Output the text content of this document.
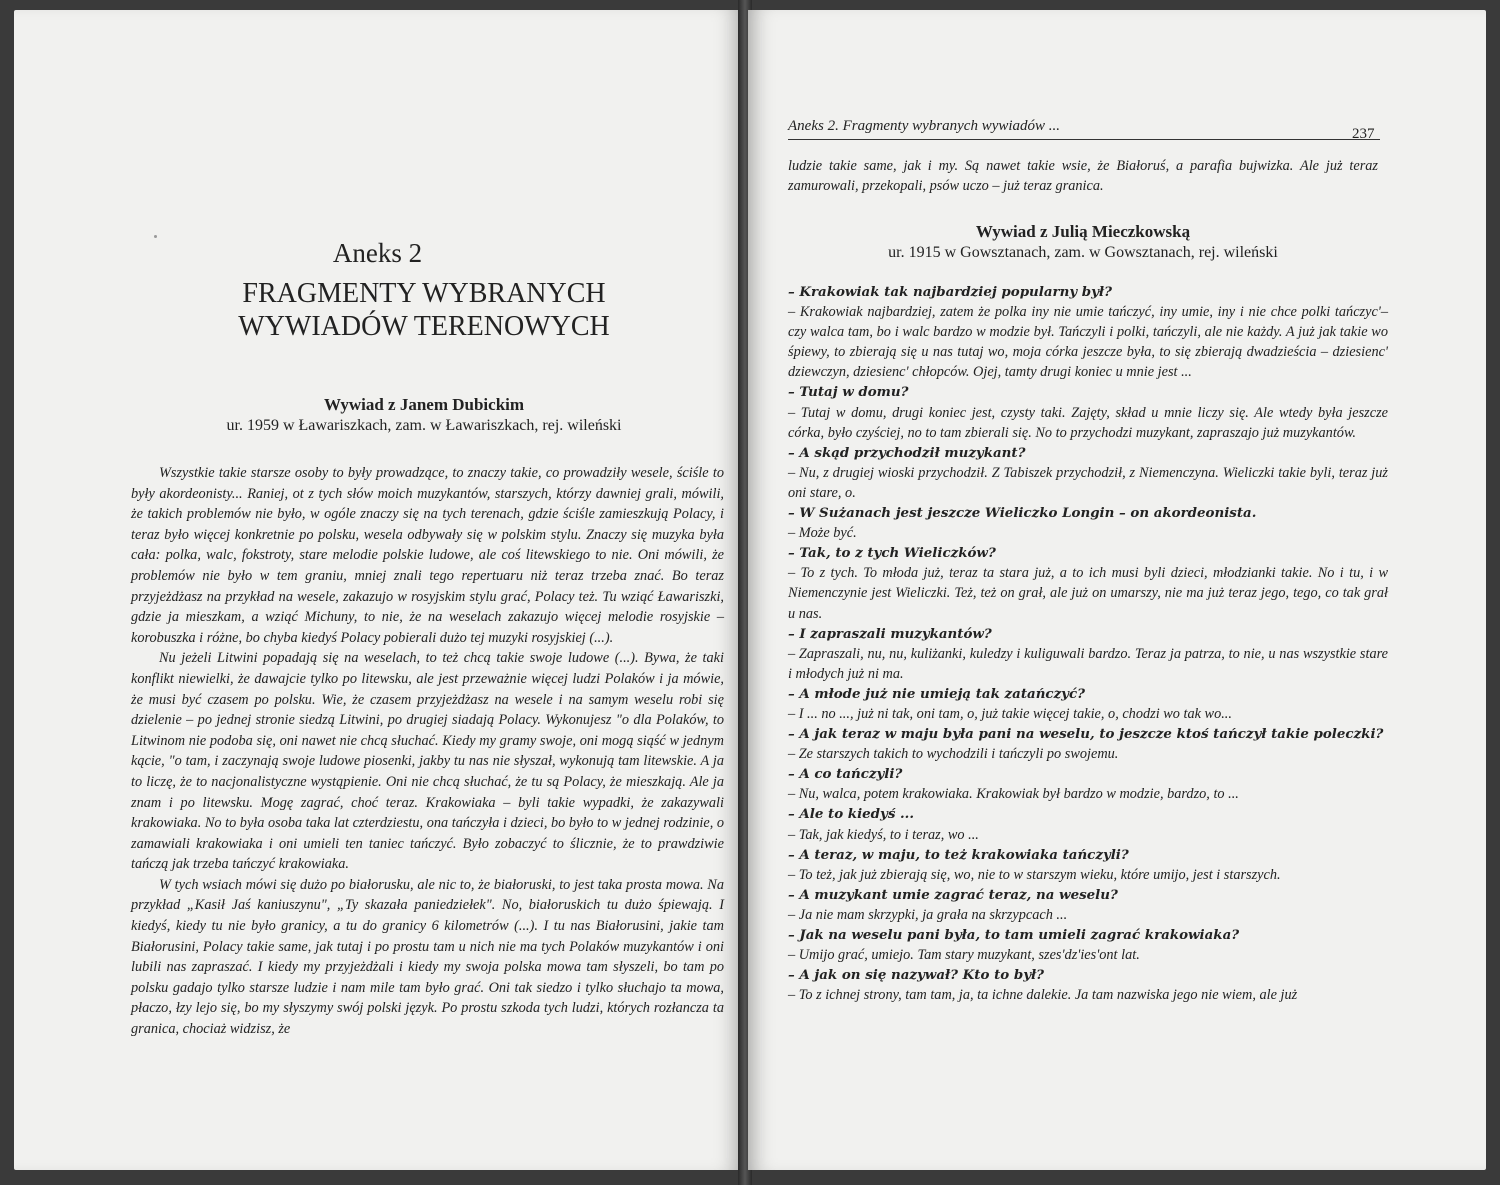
Aneks 2
FRAGMENTY WYBRANYCH
WYWIADÓW TERENOWYCH
Wywiad z Janem Dubickim
ur. 1959 w Ławariszkach, zam. w Ławariszkach, rej. wileński

Wszystkie takie starsze osoby to były prowadzące, to znaczy takie, co prowadziły wesele, ściśle to były akordeonisty... Raniej, ot z tych słów moich muzykantów, starszych, którzy dawniej grali, mówili, że takich problemów nie było, w ogóle znaczy się na tych terenach, gdzie ściśle zamieszkują Polacy, i teraz było więcej konkretnie po polsku, wesela odbywały się w polskim stylu. Znaczy się muzyka była cała: polka, walc, fokstroty, stare melodie polskie ludowe, ale coś litewskiego to nie. Oni mówili, że problemów nie było w tem graniu, mniej znali tego repertuaru niż teraz trzeba znać. Bo teraz przyjeżdżasz na przykład na wesele, zakazujo w rosyjskim stylu grać, Polacy też. Tu wziąć Ławariszki, gdzie ja mieszkam, a wziąć Michuny, to nie, że na weselach zakazujo więcej melodie rosyjskie – korobuszka i różne, bo chyba kiedyś Polacy pobierali dużo tej muzyki rosyjskiej (...).

Nu jeżeli Litwini popadają się na weselach, to też chcą takie swoje ludowe (...). Bywa, że taki konflikt niewielki, że dawajcie tylko po litewsku, ale jest przeważnie więcej ludzi Polaków i ja mówie, że musi być czasem po polsku. Wie, że czasem przyjeżdżasz na wesele i na samym weselu robi się dzielenie – po jednej stronie siedzą Litwini, po drugiej siadają Polacy. Wykonujesz "o dla Polaków, to Litwinom nie podoba się, oni nawet nie chcą słuchać. Kiedy my gramy swoje, oni mogą siąść w jednym kącie, "o tam, i zaczynają swoje ludowe piosenki, jakby tu nas nie słyszał, wykonują tam litewskie. A ja to liczę, że to nacjonalistyczne wystąpienie. Oni nie chcą słuchać, że tu są Polacy, że mieszkają. Ale ja znam i po litewsku. Mogę zagrać, choć teraz. Krakowiaka – byli takie wypadki, że zakazywali krakowiaka. No to była osoba taka lat czterdziestu, ona tańczyła i dzieci, bo było to w jednej rodzinie, o zamawiali krakowiaka i oni umieli ten taniec tańczyć. Było zobaczyć to ślicznie, że to prawdziwie tańczą jak trzeba tańczyć krakowiaka.

W tych wsiach mówi się dużo po białorusku, ale nic to, że białoruski, to jest taka prosta mowa. Na przykład „Kasił Jaś kaniuszynu", „Ty skazała paniedziełek". No, białoruskich tu dużo śpiewają. I kiedyś, kiedy tu nie było granicy, a tu do granicy 6 kilometrów (...). I tu nas Białorusini, jakie tam Białorusini, Polacy takie same, jak tutaj i po prostu tam u nich nie ma tych Polaków muzykantów i oni lubili nas zapraszać. I kiedy my przyjeżdżali i kiedy my swoja polska mowa tam słyszeli, bo tam po polsku gadajo tylko starsze ludzie i nam mile tam było grać. Oni tak siedzo i tylko słuchajo ta mowa, płaczo, łzy lejo się, bo my słyszymy swój polski język. Po prostu szkoda tych ludzi, których rozłancza ta granica, chociaż widzisz, że

Aneks 2. Fragmenty wybranych wywiadów ...	237

ludzie takie same, jak i my. Są nawet takie wsie, że Białoruś, a parafia bujwizka. Ale już teraz zamurowali, przekopali, psów uczo – już teraz granica.

Wywiad z Julią Mieczkowską
ur. 1915 w Gowsztanach, zam. w Gowsztanach, rej. wileński
– Krakowiak tak najbardziej popularny był?
– Krakowiak najbardziej, zatem że polka iny nie umie tańczyć, iny umie, iny i nie chce polki tańczyc'– czy walca tam, bo i walc bardzo w modzie był. Tańczyli i polki, tańczyli, ale nie każdy. A już jak takie wo śpiewy, to zbierają się u nas tutaj wo, moja córka jeszcze była, to się zbierają dwadzieścia – dziesienc' dziewczyn, dziesienc' chłopców. Ojej, tamty drugi koniec u mnie jest ...
– Tutaj w domu?
– Tutaj w domu, drugi koniec jest, czysty taki. Zajęty, skład u mnie liczy się. Ale wtedy była jeszcze córka, było czyściej, no to tam zbierali się. No to przychodzi muzykant, zapraszajo już muzykantów.
– A skąd przychodził muzykant?
– Nu, z drugiej wioski przychodził. Z Tabiszek przychodził, z Niemenczyna. Wieliczki takie byli, teraz już oni stare, o.
– W Sużanach jest jeszcze Wieliczko Longin – on akordeonista.
– Może być.
– Tak, to z tych Wieliczków?
– To z tych. To młoda już, teraz ta stara już, a to ich musi byli dzieci, młodzianki takie. No i tu, i w Niemenczynie jest Wieliczki. Też, też on grał, ale już on umarszy, nie ma już teraz jego, tego, co tak grał u nas.
– I zapraszali muzykantów?
– Zapraszali, nu, nu, kuliżanki, kuledzy i kuliguwali bardzo. Teraz ja patrza, to nie, u nas wszystkie stare i młodych już ni ma.
– A młode już nie umieją tak zatańczyć?
– I ... no ..., już ni tak, oni tam, o, już takie więcej takie, o, chodzi wo tak wo...
– A jak teraz w maju była pani na weselu, to jeszcze ktoś tańczył takie poleczki?
– Ze starszych takich to wychodzili i tańczyli po swojemu.
– A co tańczyli?
– Nu, walca, potem krakowiaka. Krakowiak był bardzo w modzie, bardzo, to ...
– Ale to kiedyś ...
– Tak, jak kiedyś, to i teraz, wo ...
– A teraz, w maju, to też krakowiaka tańczyli?
– To też, jak już zbierają się, wo, nie to w starszym wieku, które umijo, jest i starszych.
– A muzykant umie zagrać teraz, na weselu?
– Ja nie mam skrzypki, ja grała na skrzypcach ...
– Jak na weselu pani była, to tam umieli zagrać krakowiaka?
– Umijo grać, umiejo. Tam stary muzykant, szes'dz'ies'ont lat.
– A jak on się nazywał? Kto to był?
– To z ichnej strony, tam tam, ja, ta ichne dalekie. Ja tam nazwiska jego nie wiem, ale już
